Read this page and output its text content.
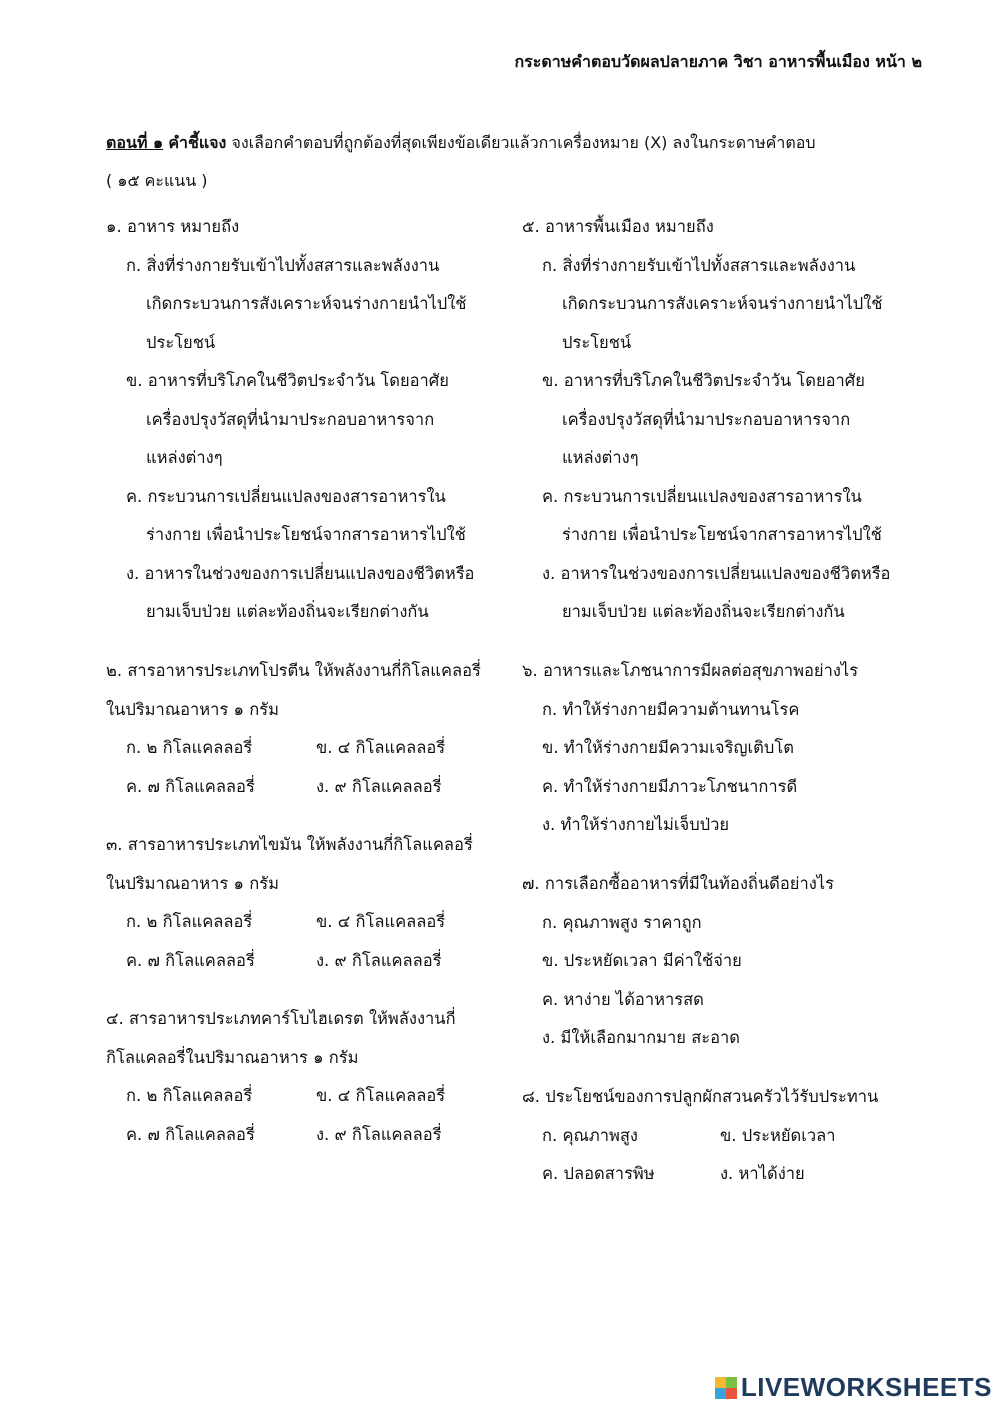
กระดาษคำตอบวัดผลปลายภาค วิชา อาหารพื้นเมือง หน้า ๒
ตอนที่ ๑ คำชี้แจง จงเลือกคำตอบที่ถูกต้องที่สุดเพียงข้อเดียวแล้วกาเครื่องหมาย (X) ลงในกระดาษคำตอบ
( ๑๕ คะแนน )
๑. อาหาร หมายถึง
ก. สิ่งที่ร่างกายรับเข้าไปทั้งสสารและพลังงาน
เกิดกระบวนการสังเคราะห์จนร่างกายนำไปใช้
ประโยชน์
ข. อาหารที่บริโภคในชีวิตประจำวัน โดยอาศัย
เครื่องปรุงวัสดุที่นำมาประกอบอาหารจาก
แหล่งต่างๆ
ค. กระบวนการเปลี่ยนแปลงของสารอาหารใน
ร่างกาย เพื่อนำประโยชน์จากสารอาหารไปใช้
ง. อาหารในช่วงของการเปลี่ยนแปลงของชีวิตหรือ
ยามเจ็บป่วย แต่ละท้องถิ่นจะเรียกต่างกัน
๒. สารอาหารประเภทโปรตีน ให้พลังงานกี่กิโลแคลอรี่
ในปริมาณอาหาร ๑ กรัม
ก. ๒ กิโลแคลลอรี่	ข. ๔ กิโลแคลลอรี่
ค. ๗ กิโลแคลลอรี่	ง. ๙ กิโลแคลลอรี่
๓. สารอาหารประเภทไขมัน ให้พลังงานกี่กิโลแคลอรี่
ในปริมาณอาหาร ๑ กรัม
ก. ๒ กิโลแคลลอรี่	ข. ๔ กิโลแคลลอรี่
ค. ๗ กิโลแคลลอรี่	ง. ๙ กิโลแคลลอรี่
๔. สารอาหารประเภทคาร์โบไฮเดรต ให้พลังงานกี่
กิโลแคลอรี่ในปริมาณอาหาร ๑ กรัม
ก. ๒ กิโลแคลลอรี่	ข. ๔ กิโลแคลลอรี่
ค. ๗ กิโลแคลลอรี่	ง. ๙ กิโลแคลลอรี่
๕. อาหารพื้นเมือง หมายถึง
ก. สิ่งที่ร่างกายรับเข้าไปทั้งสสารและพลังงาน
เกิดกระบวนการสังเคราะห์จนร่างกายนำไปใช้
ประโยชน์
ข. อาหารที่บริโภคในชีวิตประจำวัน โดยอาศัย
เครื่องปรุงวัสดุที่นำมาประกอบอาหารจาก
แหล่งต่างๆ
ค. กระบวนการเปลี่ยนแปลงของสารอาหารใน
ร่างกาย เพื่อนำประโยชน์จากสารอาหารไปใช้
ง. อาหารในช่วงของการเปลี่ยนแปลงของชีวิตหรือ
ยามเจ็บป่วย แต่ละท้องถิ่นจะเรียกต่างกัน
๖. อาหารและโภชนาการมีผลต่อสุขภาพอย่างไร
ก. ทำให้ร่างกายมีความต้านทานโรค
ข. ทำให้ร่างกายมีความเจริญเติบโต
ค. ทำให้ร่างกายมีภาวะโภชนาการดี
ง. ทำให้ร่างกายไม่เจ็บป่วย
๗. การเลือกซื้ออาหารที่มีในท้องถิ่นดีอย่างไร
ก. คุณภาพสูง ราคาถูก
ข. ประหยัดเวลา มีค่าใช้จ่าย
ค. หาง่าย ได้อาหารสด
ง. มีให้เลือกมากมาย สะอาด
๘. ประโยชน์ของการปลูกผักสวนครัวไว้รับประทาน
ก. คุณภาพสูง	ข. ประหยัดเวลา
ค. ปลอดสารพิษ	ง. หาได้ง่าย
LIVEWORKSHEETS
